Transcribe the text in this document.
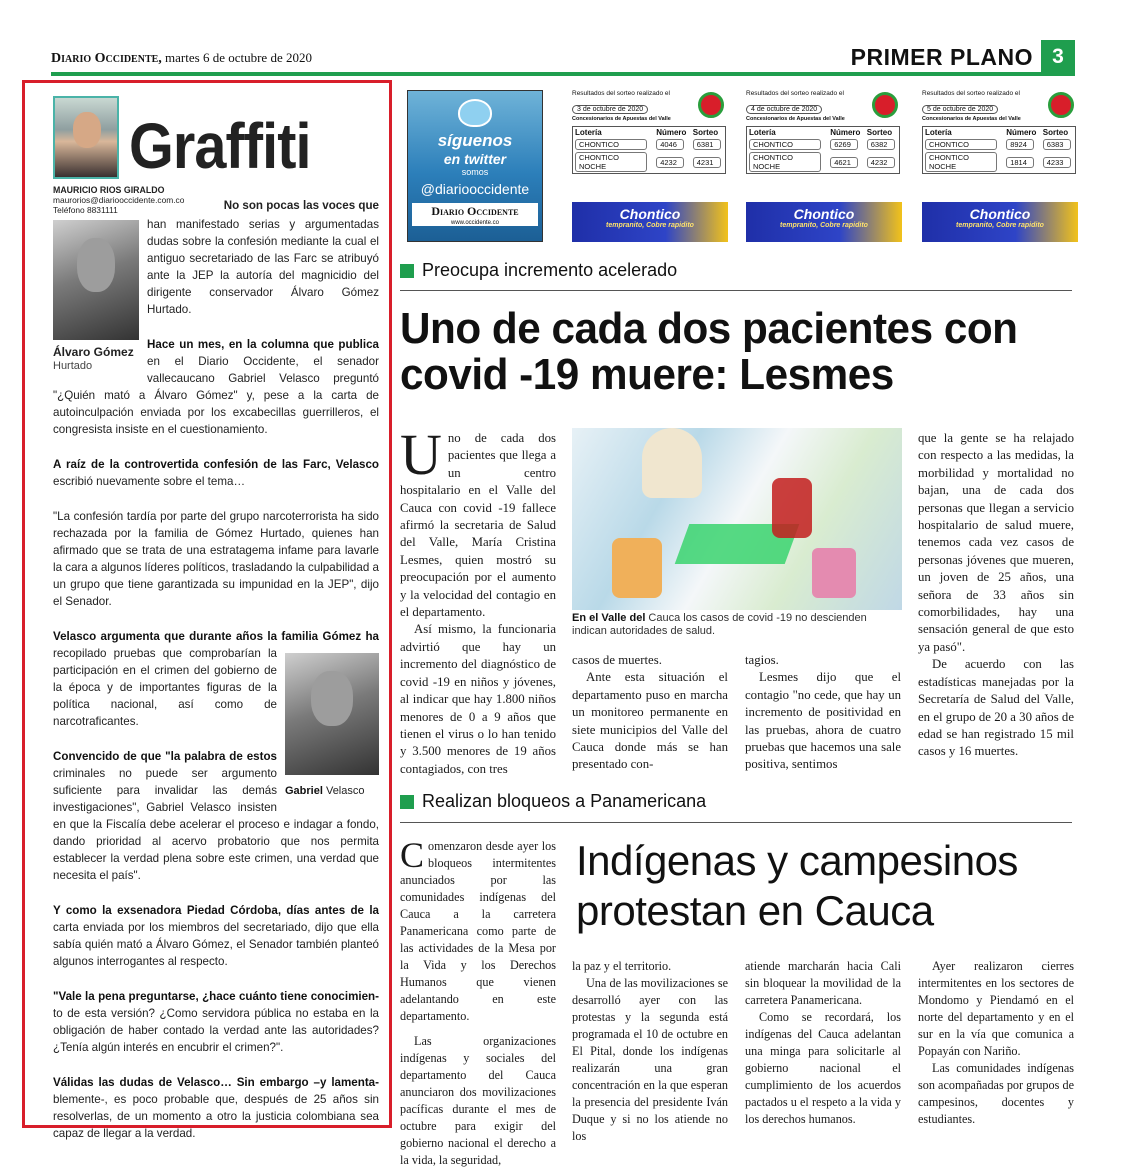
Diario Occidente, martes 6 de octubre de 2020	PRIMER PLANO 3
Graffiti
MAURICIO RIOS GIRALDO
maurorios@diariooccidente.com.co
Teléfono 8831111	No son pocas las voces que
Álvaro Gómez
Hurtado
han manifestado serias y argumentadas dudas sobre la confesión mediante la cual el antiguo secretariado de las Farc se atribuyó ante la JEP la autoría del magnicidio del dirigente conservador Álvaro Gómez Hurtado.
Hace un mes, en la columna que publica en el Diario Occidente, el senador vallecaucano Gabriel Velasco preguntó "¿Quién mató a Álvaro Gómez" y, pese a la carta de autoinculpación enviada por los excabecillas guerrilleros, el congresista insiste en el cuestionamiento.
A raíz de la controvertida confesión de las Farc, Velasco escribió nuevamente sobre el tema…
"La confesión tardía por parte del grupo narcoterrorista ha sido rechazada por la familia de Gómez Hurtado, quienes han afirmado que se trata de una estratagema infame para lavarle la cara a algunos líderes políticos, trasladando la culpabilidad a un grupo que tiene garantizada su impunidad en la JEP", dijo el Senador.
Velasco argumenta que durante años la familia Gómez ha
Gabriel Velasco
recopilado pruebas que comprobarían la participación en el crimen del gobierno de la época y de importantes figuras de la política nacional, así como de narcotraficantes.
Convencido de que "la palabra de estos criminales no puede ser argumento suficiente para invalidar las demás investigaciones", Gabriel Velasco insisten en que la Fiscalía debe acelerar el proceso e indagar a fondo, dando prioridad al acervo probatorio que nos permita establecer la verdad plena sobre este crimen, una verdad que necesita el país".
Y como la exsenadora Piedad Córdoba, días antes de la carta enviada por los miembros del secretariado, dijo que ella sabía quién mató a Álvaro Gómez, el Senador también planteó algunos interrogantes al respecto.
"Vale la pena preguntarse, ¿hace cuánto tiene conocimien- to de esta versión? ¿Como servidora pública no estaba en la obligación de haber contado la verdad ante las autoridades? ¿Tenía algún interés en encubrir el crimen?".
Válidas las dudas de Velasco… Sin embargo –y lamenta- blemente-, es poco probable que, después de 25 años sin resolverlas, de un momento a otro la justicia colombiana sea capaz de llegar a la verdad.
síguenos
en twitter
somos
@diariooccidente
Diario Occidente
www.occidente.co
Resultados del sorteo realizado el
3 de octubre de 2020
Concesionarios de Apuestas del Valle
Lotería	Número	Sorteo
CHONTICO	4046	6381
CHONTICO NOCHE	4232	4231
Chontico
tempranito, Cobre rapidito
Resultados del sorteo realizado el
4 de octubre de 2020
Concesionarios de Apuestas del Valle
Lotería	Número	Sorteo
CHONTICO	6269	6382
CHONTICO NOCHE	4621	4232
Chontico
tempranito, Cobre rapidito
Resultados del sorteo realizado el
5 de octubre de 2020
Concesionarios de Apuestas del Valle
Lotería	Número	Sorteo
CHONTICO	8924	6383
CHONTICO NOCHE	1814	4233
Chontico
tempranito, Cobre rapidito
Preocupa incremento acelerado
Uno de cada dos pacientes con covid -19 muere: Lesmes
Uno de cada dos pacientes que llega a un centro hospitalario en el Valle del Cauca con covid -19 fallece afirmó la secretaria de Salud del Valle, María Cristina Lesmes, quien mostró su preocupación por el aumento y la velocidad del contagio en el departamento.
Así mismo, la funcionaria advirtió que hay un incremento del diagnóstico de covid -19 en niños y jóvenes, al indicar que hay 1.800 niños menores de 0 a 9 años que tienen el virus o lo han tenido y 3.500 menores de 19 años contagiados, con tres
En el Valle del Cauca los casos de covid -19 no descienden indican autoridades de salud.
casos de muertes.
Ante esta situación el departamento puso en marcha un monitoreo permanente en siete municipios del Valle del Cauca donde más se han presentado con-
tagios.
Lesmes dijo que el contagio "no cede, que hay un incremento de positividad en las pruebas, ahora de cuatro pruebas que hacemos una sale positiva, sentimos
que la gente se ha relajado con respecto a las medidas, la morbilidad y mortalidad no bajan, una de cada dos personas que llegan a servicio hospitalario de salud muere, tenemos cada vez casos de personas jóvenes que mueren, un joven de 25 años, una señora de 33 años sin comorbilidades, hay una sensación general de que esto ya pasó".
De acuerdo con las estadísticas manejadas por la Secretaría de Salud del Valle, en el grupo de 20 a 30 años de edad se han registrado 15 mil casos y 16 muertes.
Realizan bloqueos a Panamericana
Comenzaron desde ayer los bloqueos intermitentes anunciados por las comunidades indígenas del Cauca a la carretera Panamericana como parte de las actividades de la Mesa por la Vida y los Derechos Humanos que vienen adelantando en este departamento.
Las organizaciones indígenas y sociales del departamento del Cauca anunciaron dos movilizaciones pacíficas durante el mes de octubre para exigir del gobierno nacional el derecho a la vida, la seguridad,
Indígenas y campesinos protestan en Cauca
la paz y el territorio.
Una de las movilizaciones se desarrolló ayer con las protestas y la segunda está programada el 10 de octubre en El Pital, donde los indígenas realizarán una gran concentración en la que esperan la presencia del presidente Iván Duque y si no los atiende no los
atiende marcharán hacia Cali sin bloquear la movilidad de la carretera Panamericana.
Como se recordará, los indígenas del Cauca adelantan una minga para solicitarle al gobierno nacional el cumplimiento de los acuerdos pactados u el respeto a la vida y los derechos humanos.
Ayer realizaron cierres intermitentes en los sectores de Mondomo y Piendamó en el norte del departamento y en el sur en la vía que comunica a Popayán con Nariño.
Las comunidades indígenas son acompañadas por grupos de campesinos, docentes y estudiantes.
